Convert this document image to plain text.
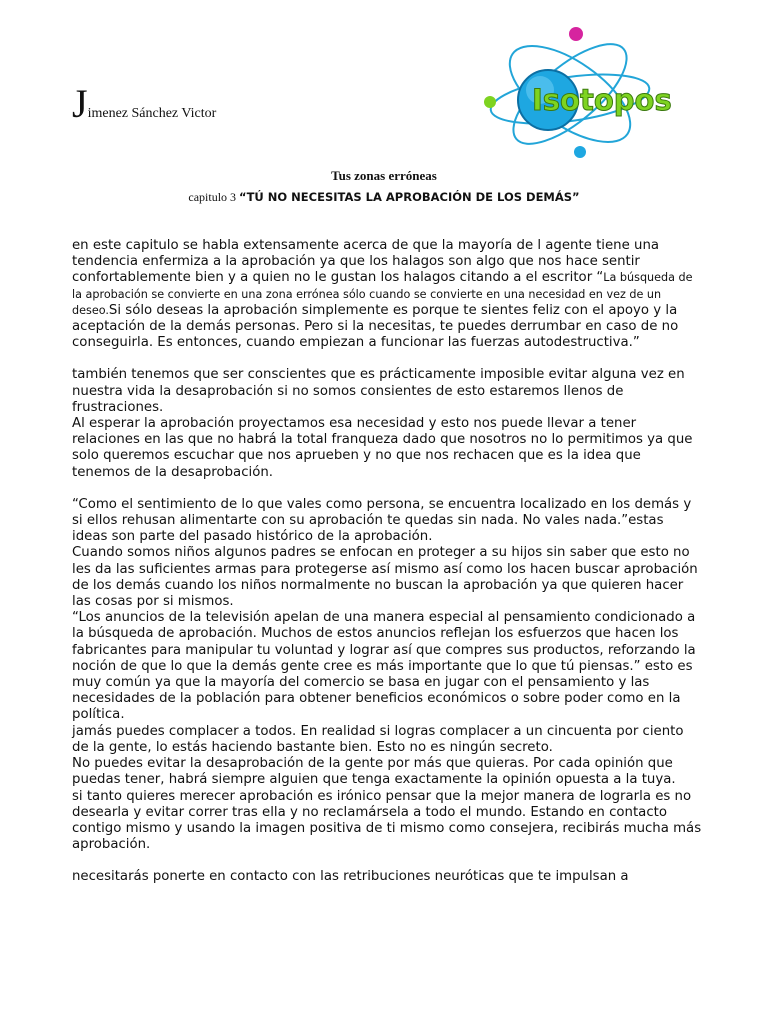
Jimenez Sánchez Victor	Isotopos
Tus zonas erróneas
capitulo 3 “TÚ NO NECESITAS LA APROBACIÓN DE LOS DEMÁS”

en este capitulo se habla extensamente acerca de que la mayoría de l agente tiene una tendencia enfermiza a la aprobación ya que los halagos son algo que nos hace sentir confortablemente bien y a quien no le gustan los halagos citando a el escritor “La búsqueda de la aprobación se convierte en una zona errónea sólo cuando se convierte en una necesidad en vez de un deseo.Si sólo deseas la aprobación simplemente es porque te sientes feliz con el apoyo y la aceptación de la demás personas. Pero si la necesitas, te puedes derrumbar en caso de no conseguirla. Es entonces, cuando empiezan a funcionar las fuerzas autodestructiva.”

también tenemos que ser conscientes que es prácticamente imposible evitar alguna vez en nuestra vida la desaprobación si no somos consientes de esto estaremos llenos de frustraciones.

Al esperar la aprobación proyectamos esa necesidad y esto nos puede llevar a tener relaciones en las que no habrá la total franqueza dado que nosotros no lo permitimos ya que solo queremos escuchar que nos aprueben y no que nos rechacen que es la idea que tenemos de la desaprobación.

“Como el sentimiento de lo que vales como persona, se encuentra localizado en los demás y si ellos rehusan alimentarte con su aprobación te quedas sin nada. No vales nada.”estas ideas son parte del pasado histórico de la aprobación.

Cuando somos niños algunos padres se enfocan en proteger a su hijos sin saber que esto no les da las suficientes armas para protegerse así mismo así como los hacen buscar aprobación de los demás cuando los niños normalmente no buscan la aprobación ya que quieren hacer las cosas por si mismos.

“Los anuncios de la televisión apelan de una manera especial al pensamiento condicionado a la búsqueda de aprobación. Muchos de estos anuncios reflejan los esfuerzos que hacen los fabricantes para manipular tu voluntad y lograr así que compres sus productos, reforzando la noción de que lo que la demás gente cree es más importante que lo que tú piensas.” esto es muy común ya que la mayoría del comercio se basa en jugar con el pensamiento y las necesidades de la población para obtener beneficios económicos o sobre poder como en la política.

jamás puedes complacer a todos. En realidad si logras complacer a un cincuenta por ciento de la gente, lo estás haciendo bastante bien. Esto no es ningún secreto.

No puedes evitar la desaprobación de la gente por más que quieras. Por cada opinión que puedas tener, habrá siempre alguien que tenga exactamente la opinión opuesta a la tuya.

si tanto quieres merecer aprobación es irónico pensar que la mejor manera de lograrla es no desearla y evitar correr tras ella y no reclamársela a todo el mundo. Estando en contacto contigo mismo y usando la imagen positiva de ti mismo como consejera, recibirás mucha más aprobación.

necesitarás ponerte en contacto con las retribuciones neuróticas que te impulsan a
